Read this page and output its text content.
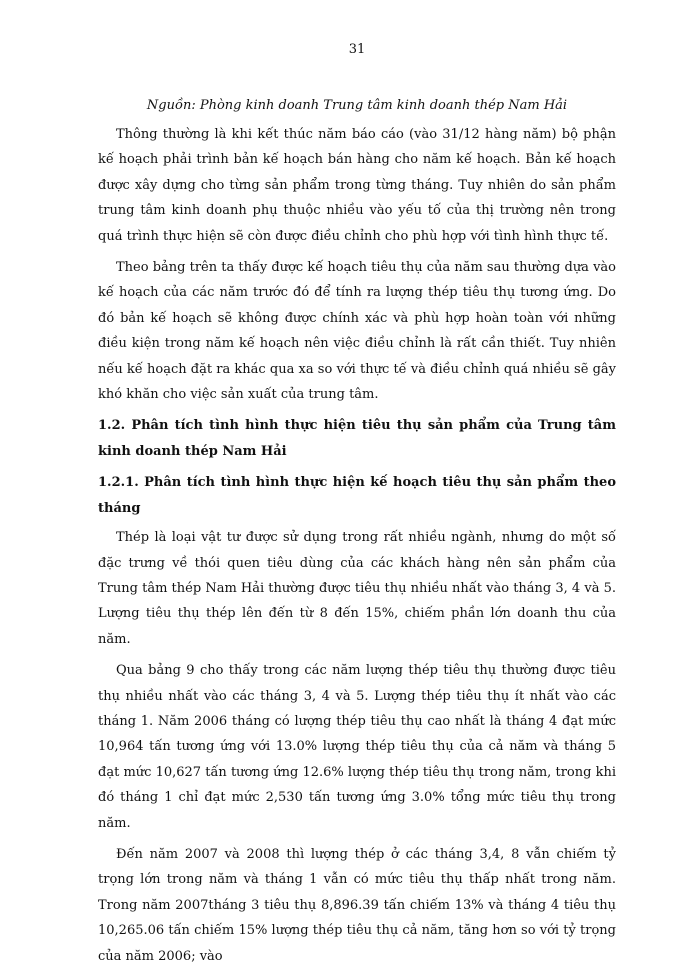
31

Nguồn: Phòng kinh doanh Trung tâm kinh doanh thép Nam Hải

Thông thường là khi kết thúc năm báo cáo (vào 31/12 hàng năm) bộ phận kế hoạch phải trình bản kế hoạch bán hàng cho năm kế hoạch. Bản kế hoạch được xây dựng cho từng sản phẩm trong từng tháng. Tuy nhiên do sản phẩm trung tâm kinh doanh phụ thuộc nhiều vào yếu tố của thị trường nên trong quá trình thực hiện sẽ còn được điều chỉnh cho phù hợp với tình hình thực tế.

Theo bảng trên ta thấy được kế hoạch tiêu thụ của năm sau thường dựa vào kế hoạch của các năm trước đó để tính ra lượng thép tiêu thụ tương ứng. Do đó bản kế hoạch sẽ không được chính xác và phù hợp hoàn toàn với những điều kiện trong năm kế hoạch nên việc điều chỉnh là rất cần thiết. Tuy nhiên nếu kế hoạch đặt ra khác qua xa so với thực tế và điều chỉnh quá nhiều sẽ gây khó khăn cho việc sản xuất của trung tâm.

1.2. Phân tích tình hình thực hiện tiêu thụ sản phẩm của Trung tâm kinh doanh thép Nam Hải

1.2.1. Phân tích tình hình thực hiện kế hoạch tiêu thụ sản phẩm theo tháng

Thép là loại vật tư được sử dụng trong rất nhiều ngành, nhưng do một số đặc trưng về thói quen tiêu dùng của các khách hàng nên sản phẩm của Trung tâm thép Nam Hải thường được tiêu thụ nhiều nhất vào tháng 3, 4 và 5. Lượng tiêu thụ thép lên đến từ 8 đến 15%, chiếm phần lớn doanh thu của năm.

Qua bảng 9 cho thấy trong các năm lượng thép tiêu thụ thường được tiêu thụ nhiều nhất vào các tháng 3, 4 và 5. Lượng thép tiêu thụ ít nhất vào các tháng 1. Năm 2006 tháng có lượng thép tiêu thụ cao nhất là tháng 4 đạt mức 10,964 tấn tương ứng với 13.0% lượng thép tiêu thụ của cả năm và tháng 5 đạt mức 10,627 tấn tương ứng 12.6% lượng thép tiêu thụ trong năm, trong khi đó tháng 1 chỉ đạt mức 2,530 tấn tương ứng 3.0% tổng mức tiêu thụ trong năm.

Đến năm 2007 và 2008 thì lượng thép ở các tháng 3,4, 8 vẫn chiếm tỷ trọng lớn trong năm và tháng 1 vẫn có mức tiêu thụ thấp nhất trong năm. Trong năm 2007tháng 3 tiêu thụ 8,896.39 tấn chiếm 13% và tháng 4 tiêu thụ 10,265.06 tấn chiếm 15% lượng thép tiêu thụ cả năm, tăng hơn so với tỷ trọng của năm 2006; vào
